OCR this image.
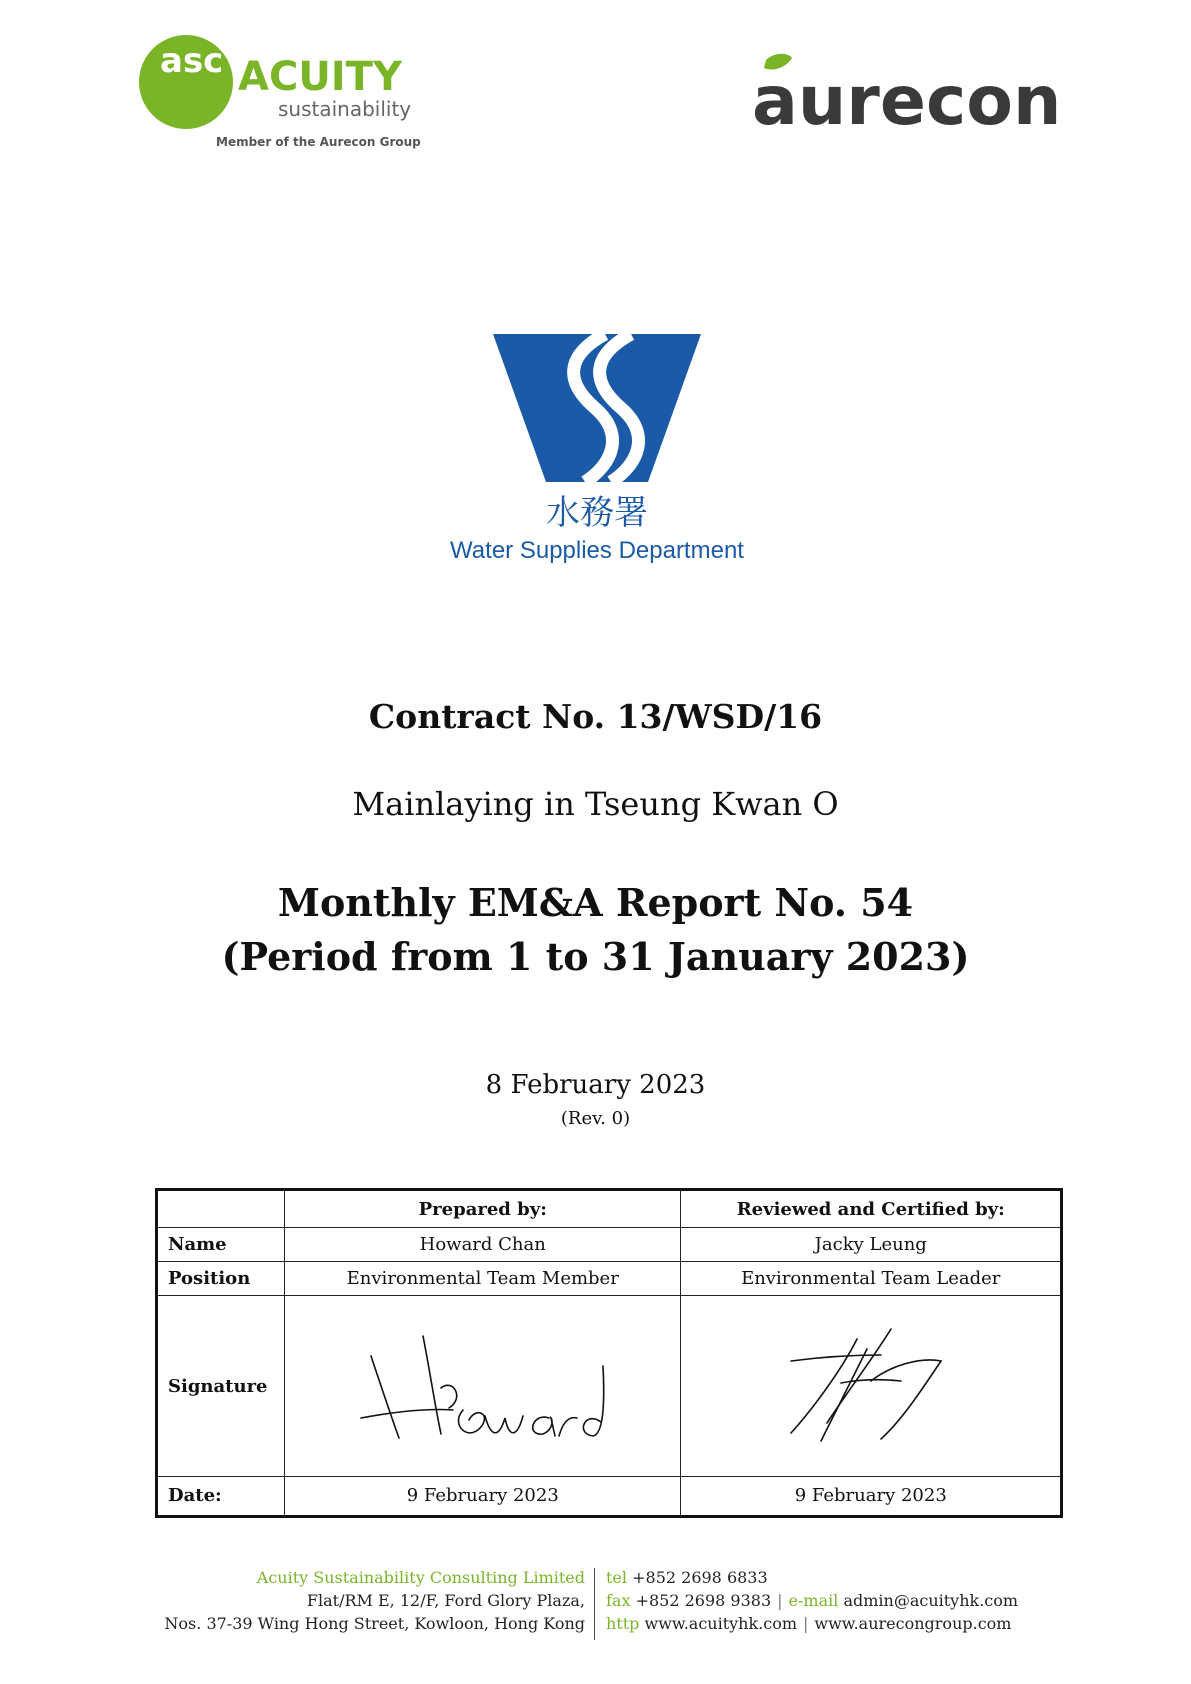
asc ACUITY
sustainability
Member of the Aurecon Group
aurecon
水務署
Water Supplies Department
Contract No. 13/WSD/16
Mainlaying in Tseung Kwan O
Monthly EM&A Report No. 54
(Period from 1 to 31 January 2023)
8 February 2023
(Rev. 0)
	Prepared by:	Reviewed and Certified by:
Name	Howard Chan	Jacky Leung
Position	Environmental Team Member	Environmental Team Leader
Signature	

Date:	9 February 2023	9 February 2023
Acuity Sustainability Consulting Limited
Flat/RM E, 12/F, Ford Glory Plaza,
Nos. 37-39 Wing Hong Street, Kowloon, Hong Kong
tel +852 2698 6833
fax +852 2698 9383 | e-mail admin@acuityhk.com
http www.acuityhk.com | www.aurecongroup.com
